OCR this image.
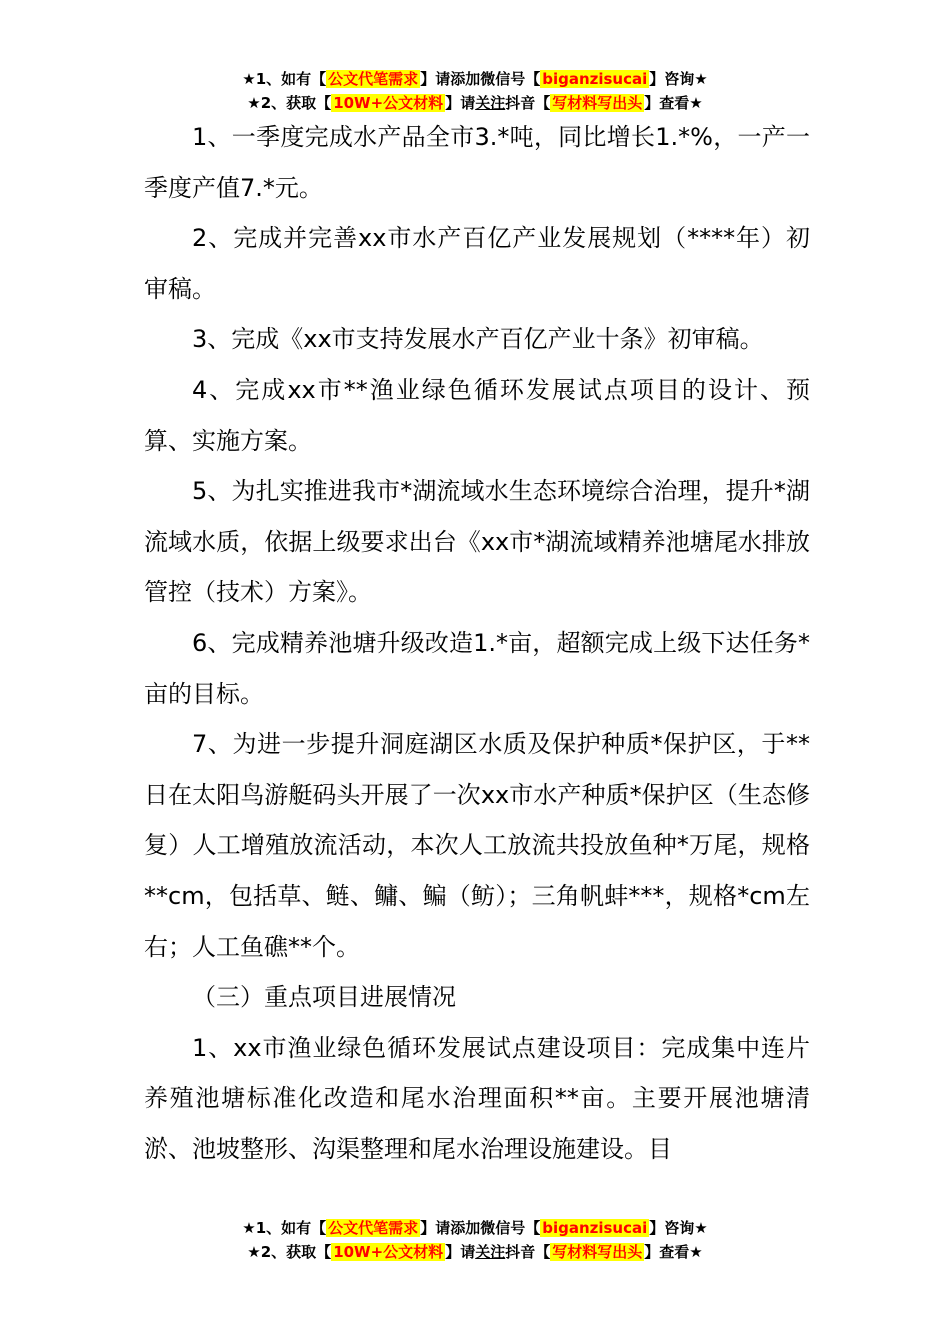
★1、如有【 公文代笔需求 】请添加微信号【 biganzisucai 】咨询★
★2、获取【 10W+公文材料 】请关注抖音【 写材料写出头 】查看★

1、一季度完成水产品全市3.*吨，同比增长1.*%，一产一季度产值7.*元。

2、完成并完善xx市水产百亿产业发展规划（****年）初审稿。

3、完成《xx市支持发展水产百亿产业十条》初审稿。

4、完成xx市**渔业绿色循环发展试点项目的设计、预算、实施方案。

5、为扎实推进我市*湖流域水生态环境综合治理，提升*湖流域水质，依据上级要求出台《xx市*湖流域精养池塘尾水排放管控（技术）方案》。

6、完成精养池塘升级改造1.*亩，超额完成上级下达任务*亩的目标。

7、为进一步提升洞庭湖区水质及保护种质*保护区，于**日在太阳鸟游艇码头开展了一次xx市水产种质*保护区（生态修复）人工增殖放流活动，本次人工放流共投放鱼种*万尾，规格**cm，包括草、鲢、鳙、鳊（鲂）；三角帆蚌***，规格*cm左右；人工鱼礁**个。

（三）重点项目进展情况

1、xx市渔业绿色循环发展试点建设项目：完成集中连片养殖池塘标准化改造和尾水治理面积**亩。主要开展池塘清淤、池坡整形、沟渠整理和尾水治理设施建设。目

★1、如有【 公文代笔需求 】请添加微信号【 biganzisucai 】咨询★
★2、获取【 10W+公文材料 】请关注抖音【 写材料写出头 】查看★
